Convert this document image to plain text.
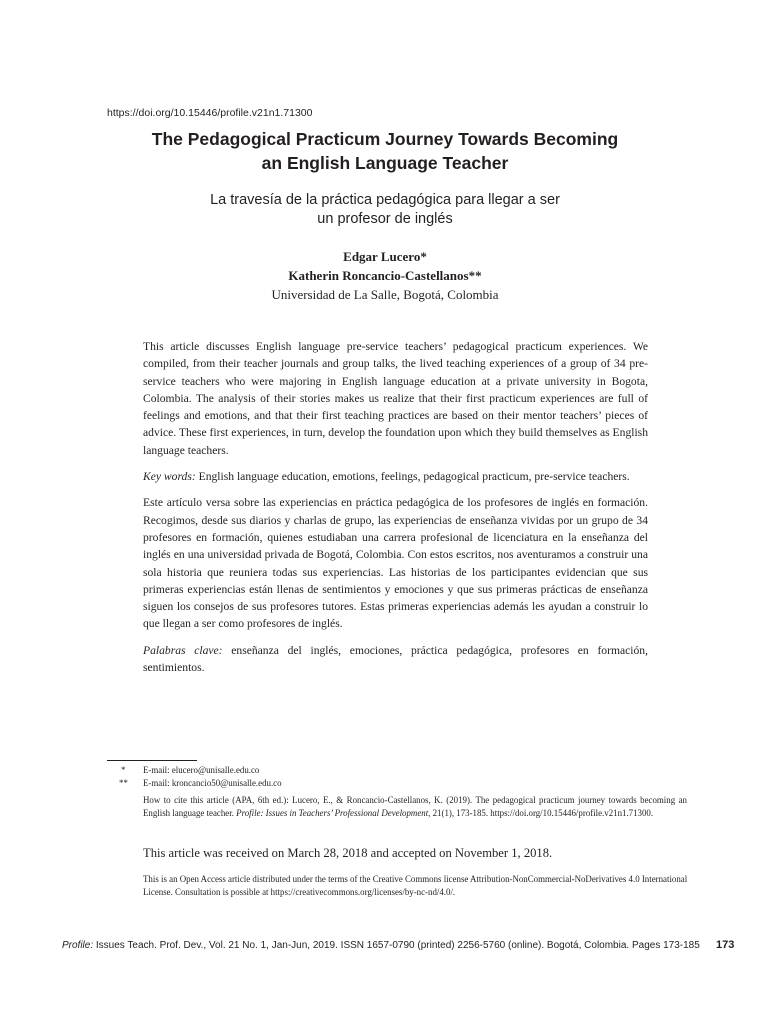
https://doi.org/10.15446/profile.v21n1.71300
The Pedagogical Practicum Journey Towards Becoming
an English Language Teacher
La travesía de la práctica pedagógica para llegar a ser
un profesor de inglés
Edgar Lucero*
Katherin Roncancio-Castellanos**
Universidad de La Salle, Bogotá, Colombia

This article discusses English language pre-service teachers’ pedagogical practicum experiences. We compiled, from their teacher journals and group talks, the lived teaching experiences of a group of 34 pre-service teachers who were majoring in English language education at a private university in Bogota, Colombia. The analysis of their stories makes us realize that their first practicum experiences are full of feelings and emotions, and that their first teaching practices are based on their mentor teachers’ pieces of advice. These first experiences, in turn, develop the foundation upon which they build themselves as English language teachers.

Key words: English language education, emotions, feelings, pedagogical practicum, pre-service teachers.

Este artículo versa sobre las experiencias en práctica pedagógica de los profesores de inglés en formación. Recogimos, desde sus diarios y charlas de grupo, las experiencias de enseñanza vividas por un grupo de 34 profesores en formación, quienes estudiaban una carrera profesional de licenciatura en la enseñanza del inglés en una universidad privada de Bogotá, Colombia. Con estos escritos, nos aventuramos a construir una sola historia que reuniera todas sus experiencias. Las historias de los participantes evidencian que sus primeras experiencias están llenas de sentimientos y emociones y que sus primeras prácticas de enseñanza siguen los consejos de sus profesores tutores. Estas primeras experiencias además les ayudan a construir lo que llegan a ser como profesores de inglés.

Palabras clave: enseñanza del inglés, emociones, práctica pedagógica, profesores en formación, sentimientos.

*	E-mail: elucero@unisalle.edu.co
**	E-mail: kroncancio50@unisalle.edu.co
How to cite this article (APA, 6th ed.): Lucero, E., & Roncancio-Castellanos, K. (2019). The pedagogical practicum journey towards becoming an English language teacher. Profile: Issues in Teachers’ Professional Development, 21(1), 173-185. https://doi.org/10.15446/profile.v21n1.71300.
This article was received on March 28, 2018 and accepted on November 1, 2018.
This is an Open Access article distributed under the terms of the Creative Commons license Attribution-NonCommercial-NoDerivatives 4.0 International License. Consultation is possible at https://creativecommons.org/licenses/by-nc-nd/4.0/.
Profile: Issues Teach. Prof. Dev., Vol. 21 No. 1, Jan-Jun, 2019. ISSN 1657-0790 (printed) 2256-5760 (online). Bogotá, Colombia. Pages 173-185 173
